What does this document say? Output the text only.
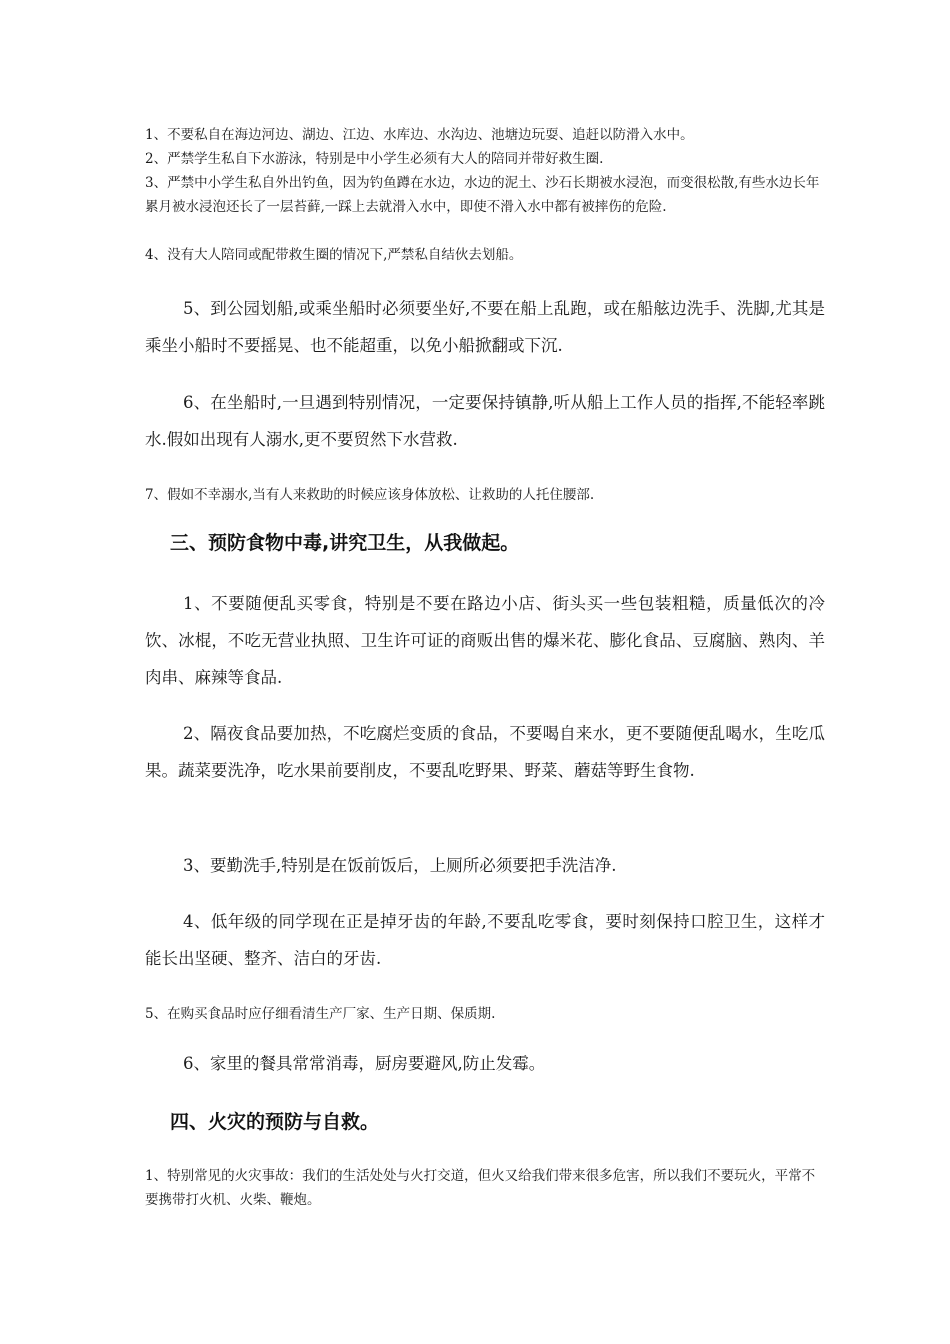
1、不要私自在海边河边、湖边、江边、水库边、水沟边、池塘边玩耍、追赶以防滑入水中。

2、严禁学生私自下水游泳，特别是中小学生必须有大人的陪同并带好救生圈.

3、严禁中小学生私自外出钓鱼，因为钓鱼蹲在水边，水边的泥土、沙石长期被水浸泡，而变很松散,有些水边长年累月被水浸泡还长了一层苔藓,一踩上去就滑入水中，即使不滑入水中都有被摔伤的危险.

4、没有大人陪同或配带救生圈的情况下,严禁私自结伙去划船。

5、到公园划船,或乘坐船时必须要坐好,不要在船上乱跑，或在船舷边洗手、洗脚,尤其是乘坐小船时不要摇晃、也不能超重，以免小船掀翻或下沉.

6、在坐船时,一旦遇到特别情况，一定要保持镇静,听从船上工作人员的指挥,不能轻率跳水.假如出现有人溺水,更不要贸然下水营救.

7、假如不幸溺水,当有人来救助的时候应该身体放松、让救助的人托住腰部.

三、预防食物中毒,讲究卫生，从我做起。

1、不要随便乱买零食，特别是不要在路边小店、街头买一些包装粗糙，质量低次的冷饮、冰棍，不吃无营业执照、卫生许可证的商贩出售的爆米花、膨化食品、豆腐脑、熟肉、羊肉串、麻辣等食品.

2、隔夜食品要加热，不吃腐烂变质的食品，不要喝自来水，更不要随便乱喝水，生吃瓜果。蔬菜要洗净，吃水果前要削皮，不要乱吃野果、野菜、蘑菇等野生食物.

3、要勤洗手,特别是在饭前饭后，上厕所必须要把手洗洁净.

4、低年级的同学现在正是掉牙齿的年龄,不要乱吃零食，要时刻保持口腔卫生，这样才能长出坚硬、整齐、洁白的牙齿.

5、在购买食品时应仔细看清生产厂家、生产日期、保质期.

6、家里的餐具常常消毒，厨房要避风,防止发霉。

四、火灾的预防与自救。

1、特别常见的火灾事故：我们的生活处处与火打交道，但火又给我们带来很多危害，所以我们不要玩火，平常不要携带打火机、火柴、鞭炮。
